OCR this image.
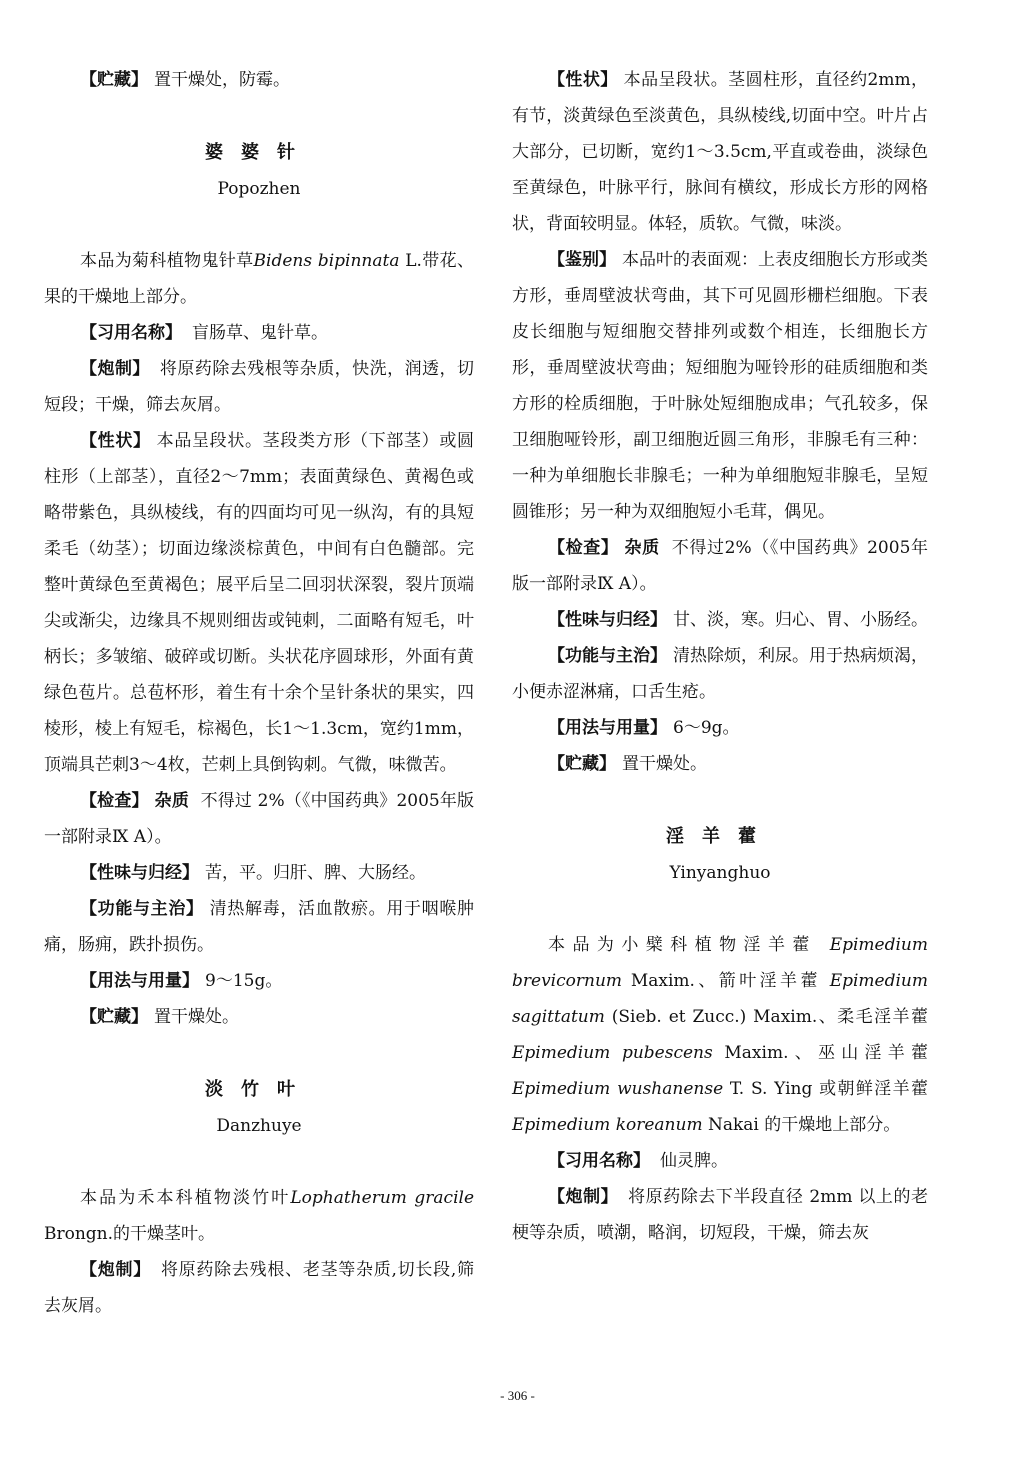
【贮藏】 置干燥处，防霉。

婆婆针

Popozhen

本品为菊科植物鬼针草Bidens bipinnata L.带花、果的干燥地上部分。

【习用名称】 盲肠草、鬼针草。

【炮制】 将原药除去残根等杂质，快洗，润透，切短段；干燥，筛去灰屑。

【性状】 本品呈段状。茎段类方形（下部茎）或圆柱形（上部茎），直径2～7mm；表面黄绿色、黄褐色或略带紫色，具纵棱线，有的四面均可见一纵沟，有的具短柔毛（幼茎）；切面边缘淡棕黄色，中间有白色髓部。完整叶黄绿色至黄褐色；展平后呈二回羽状深裂，裂片顶端尖或渐尖，边缘具不规则细齿或钝刺，二面略有短毛，叶柄长；多皱缩、破碎或切断。头状花序圆球形，外面有黄绿色苞片。总苞杯形，着生有十余个呈针条状的果实，四棱形，棱上有短毛，棕褐色，长1～1.3cm，宽约1mm，顶端具芒刺3～4枚，芒刺上具倒钩刺。气微，味微苦。

【检查】 杂质 不得过 2%（《中国药典》2005年版一部附录Ⅸ A）。

【性味与归经】 苦，平。归肝、脾、大肠经。

【功能与主治】 清热解毒，活血散瘀。用于咽喉肿痛，肠痈，跌扑损伤。

【用法与用量】 9～15g。

【贮藏】 置干燥处。

淡竹叶

Danzhuye

本品为禾本科植物淡竹叶Lophatherum gracile Brongn.的干燥茎叶。

【炮制】 将原药除去残根、老茎等杂质,切长段,筛去灰屑。

【性状】 本品呈段状。茎圆柱形，直径约2mm，有节，淡黄绿色至淡黄色，具纵棱线,切面中空。叶片占大部分，已切断，宽约1～3.5cm,平直或卷曲，淡绿色至黄绿色，叶脉平行，脉间有横纹，形成长方形的网格状，背面较明显。体轻，质软。气微，味淡。

【鉴别】 本品叶的表面观：上表皮细胞长方形或类方形，垂周壁波状弯曲，其下可见圆形栅栏细胞。下表皮长细胞与短细胞交替排列或数个相连，长细胞长方形，垂周壁波状弯曲；短细胞为哑铃形的硅质细胞和类方形的栓质细胞，于叶脉处短细胞成串；气孔较多，保卫细胞哑铃形，副卫细胞近圆三角形，非腺毛有三种：一种为单细胞长非腺毛；一种为单细胞短非腺毛，呈短圆锥形；另一种为双细胞短小毛茸，偶见。

【检查】 杂质 不得过2%（《中国药典》2005年版一部附录Ⅸ A）。

【性味与归经】 甘、淡，寒。归心、胃、小肠经。

【功能与主治】 清热除烦，利尿。用于热病烦渴，小便赤涩淋痛，口舌生疮。

【用法与用量】 6～9g。

【贮藏】 置干燥处。

淫羊藿

Yinyanghuo

本品为小檗科植物淫羊藿 Epimedium brevicornum Maxim.、箭叶淫羊藿 Epimedium sagittatum (Sieb. et Zucc.) Maxim.、柔毛淫羊藿 Epimedium pubescens Maxim.、巫山淫羊藿 Epimedium wushanense T. S. Ying 或朝鲜淫羊藿 Epimedium koreanum Nakai 的干燥地上部分。

【习用名称】 仙灵脾。

【炮制】 将原药除去下半段直径 2mm 以上的老梗等杂质，喷潮，略润，切短段，干燥，筛去灰

- 306 -
